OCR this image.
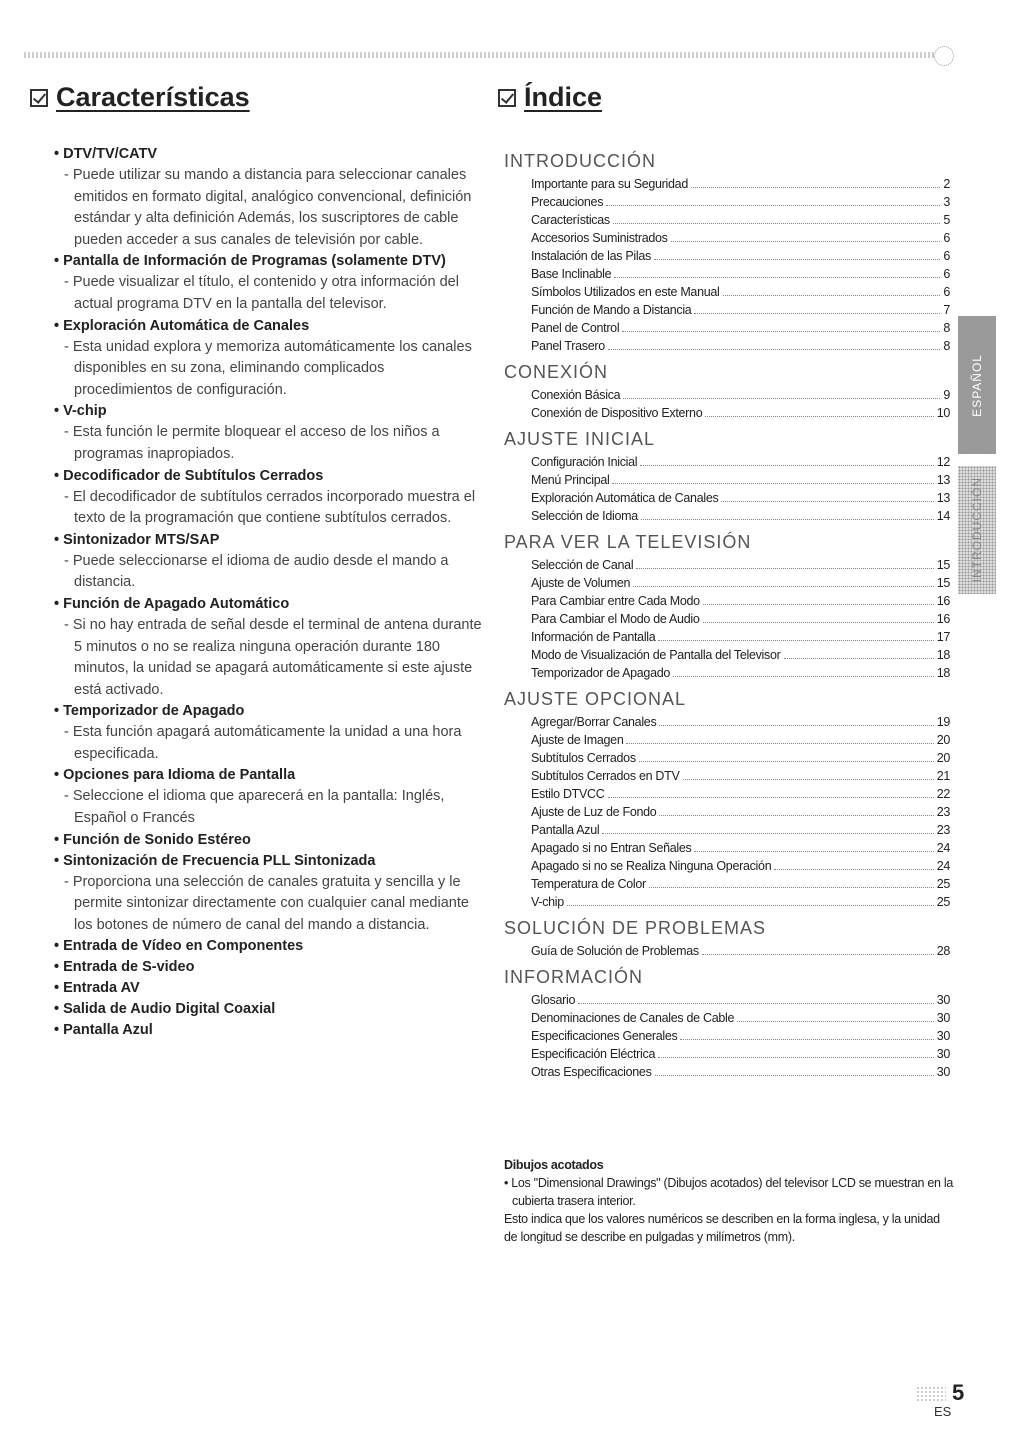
Características	Índice
• DTV/TV/CATV
- Puede utilizar su mando a distancia para seleccionar canales emitidos en formato digital, analógico convencional, definición estándar y alta definición Además, los suscriptores de cable pueden acceder a sus canales de televisión por cable.
• Pantalla de Información de Programas (solamente DTV)
- Puede visualizar el título, el contenido y otra información del actual programa DTV en la pantalla del televisor.
• Exploración Automática de Canales
- Esta unidad explora y memoriza automáticamente los canales disponibles en su zona, eliminando complicados procedimientos de configuración.
• V-chip
- Esta función le permite bloquear el acceso de los niños a programas inapropiados.
• Decodificador de Subtítulos Cerrados
- El decodificador de subtítulos cerrados incorporado muestra el texto de la programación que contiene subtítulos cerrados.
• Sintonizador MTS/SAP
- Puede seleccionarse el idioma de audio desde el mando a distancia.
• Función de Apagado Automático
- Si no hay entrada de señal desde el terminal de antena durante 5 minutos o no se realiza ninguna operación durante 180 minutos, la unidad se apagará automáticamente si este ajuste está activado.
• Temporizador de Apagado
- Esta función apagará automáticamente la unidad a una hora especificada.
• Opciones para Idioma de Pantalla
- Seleccione el idioma que aparecerá en la pantalla: Inglés, Español o Francés
• Función de Sonido Estéreo
• Sintonización de Frecuencia PLL Sintonizada
- Proporciona una selección de canales gratuita y sencilla y le permite sintonizar directamente con cualquier canal mediante los botones de número de canal del mando a distancia.
• Entrada de Vídeo en Componentes
• Entrada de S-video
• Entrada AV
• Salida de Audio Digital Coaxial
• Pantalla Azul
INTRODUCCIÓN
Importante para su Seguridad	2
Precauciones	3
Características	5
Accesorios Suministrados	6
Instalación de las Pilas	6
Base Inclinable	6
Símbolos Utilizados en este Manual	6
Función de Mando a Distancia	7
Panel de Control	8
Panel Trasero	8
CONEXIÓN
Conexión Básica	9
Conexión de Dispositivo Externo	10
AJUSTE INICIAL
Configuración Inicial	12
Menú Principal	13
Exploración Automática de Canales	13
Selección de Idioma	14
PARA VER LA TELEVISIÓN
Selección de Canal	15
Ajuste de Volumen	15
Para Cambiar entre Cada Modo	16
Para Cambiar el Modo de Audio	16
Información de Pantalla	17
Modo de Visualización de Pantalla del Televisor	18
Temporizador de Apagado	18
AJUSTE OPCIONAL
Agregar/Borrar Canales	19
Ajuste de Imagen	20
Subtítulos Cerrados	20
Subtítulos Cerrados en DTV	21
Estilo DTVCC	22
Ajuste de Luz de Fondo	23
Pantalla Azul	23
Apagado si no Entran Señales	24
Apagado si no se Realiza Ninguna Operación	24
Temperatura de Color	25
V-chip	25
SOLUCIÓN DE PROBLEMAS
Guía de Solución de Problemas	28
INFORMACIÓN
Glosario	30
Denominaciones de Canales de Cable	30
Especificaciones Generales	30
Especificación Eléctrica	30
Otras Especificaciones	30
Dibujos acotados
• Los "Dimensional Drawings" (Dibujos acotados) del televisor LCD se muestran en la cubierta trasera interior.
Esto indica que los valores numéricos se describen en la forma inglesa, y la unidad de longitud se describe en pulgadas y milímetros (mm).
ESPAÑOL
INTRODUCCIÓN
5
ES
